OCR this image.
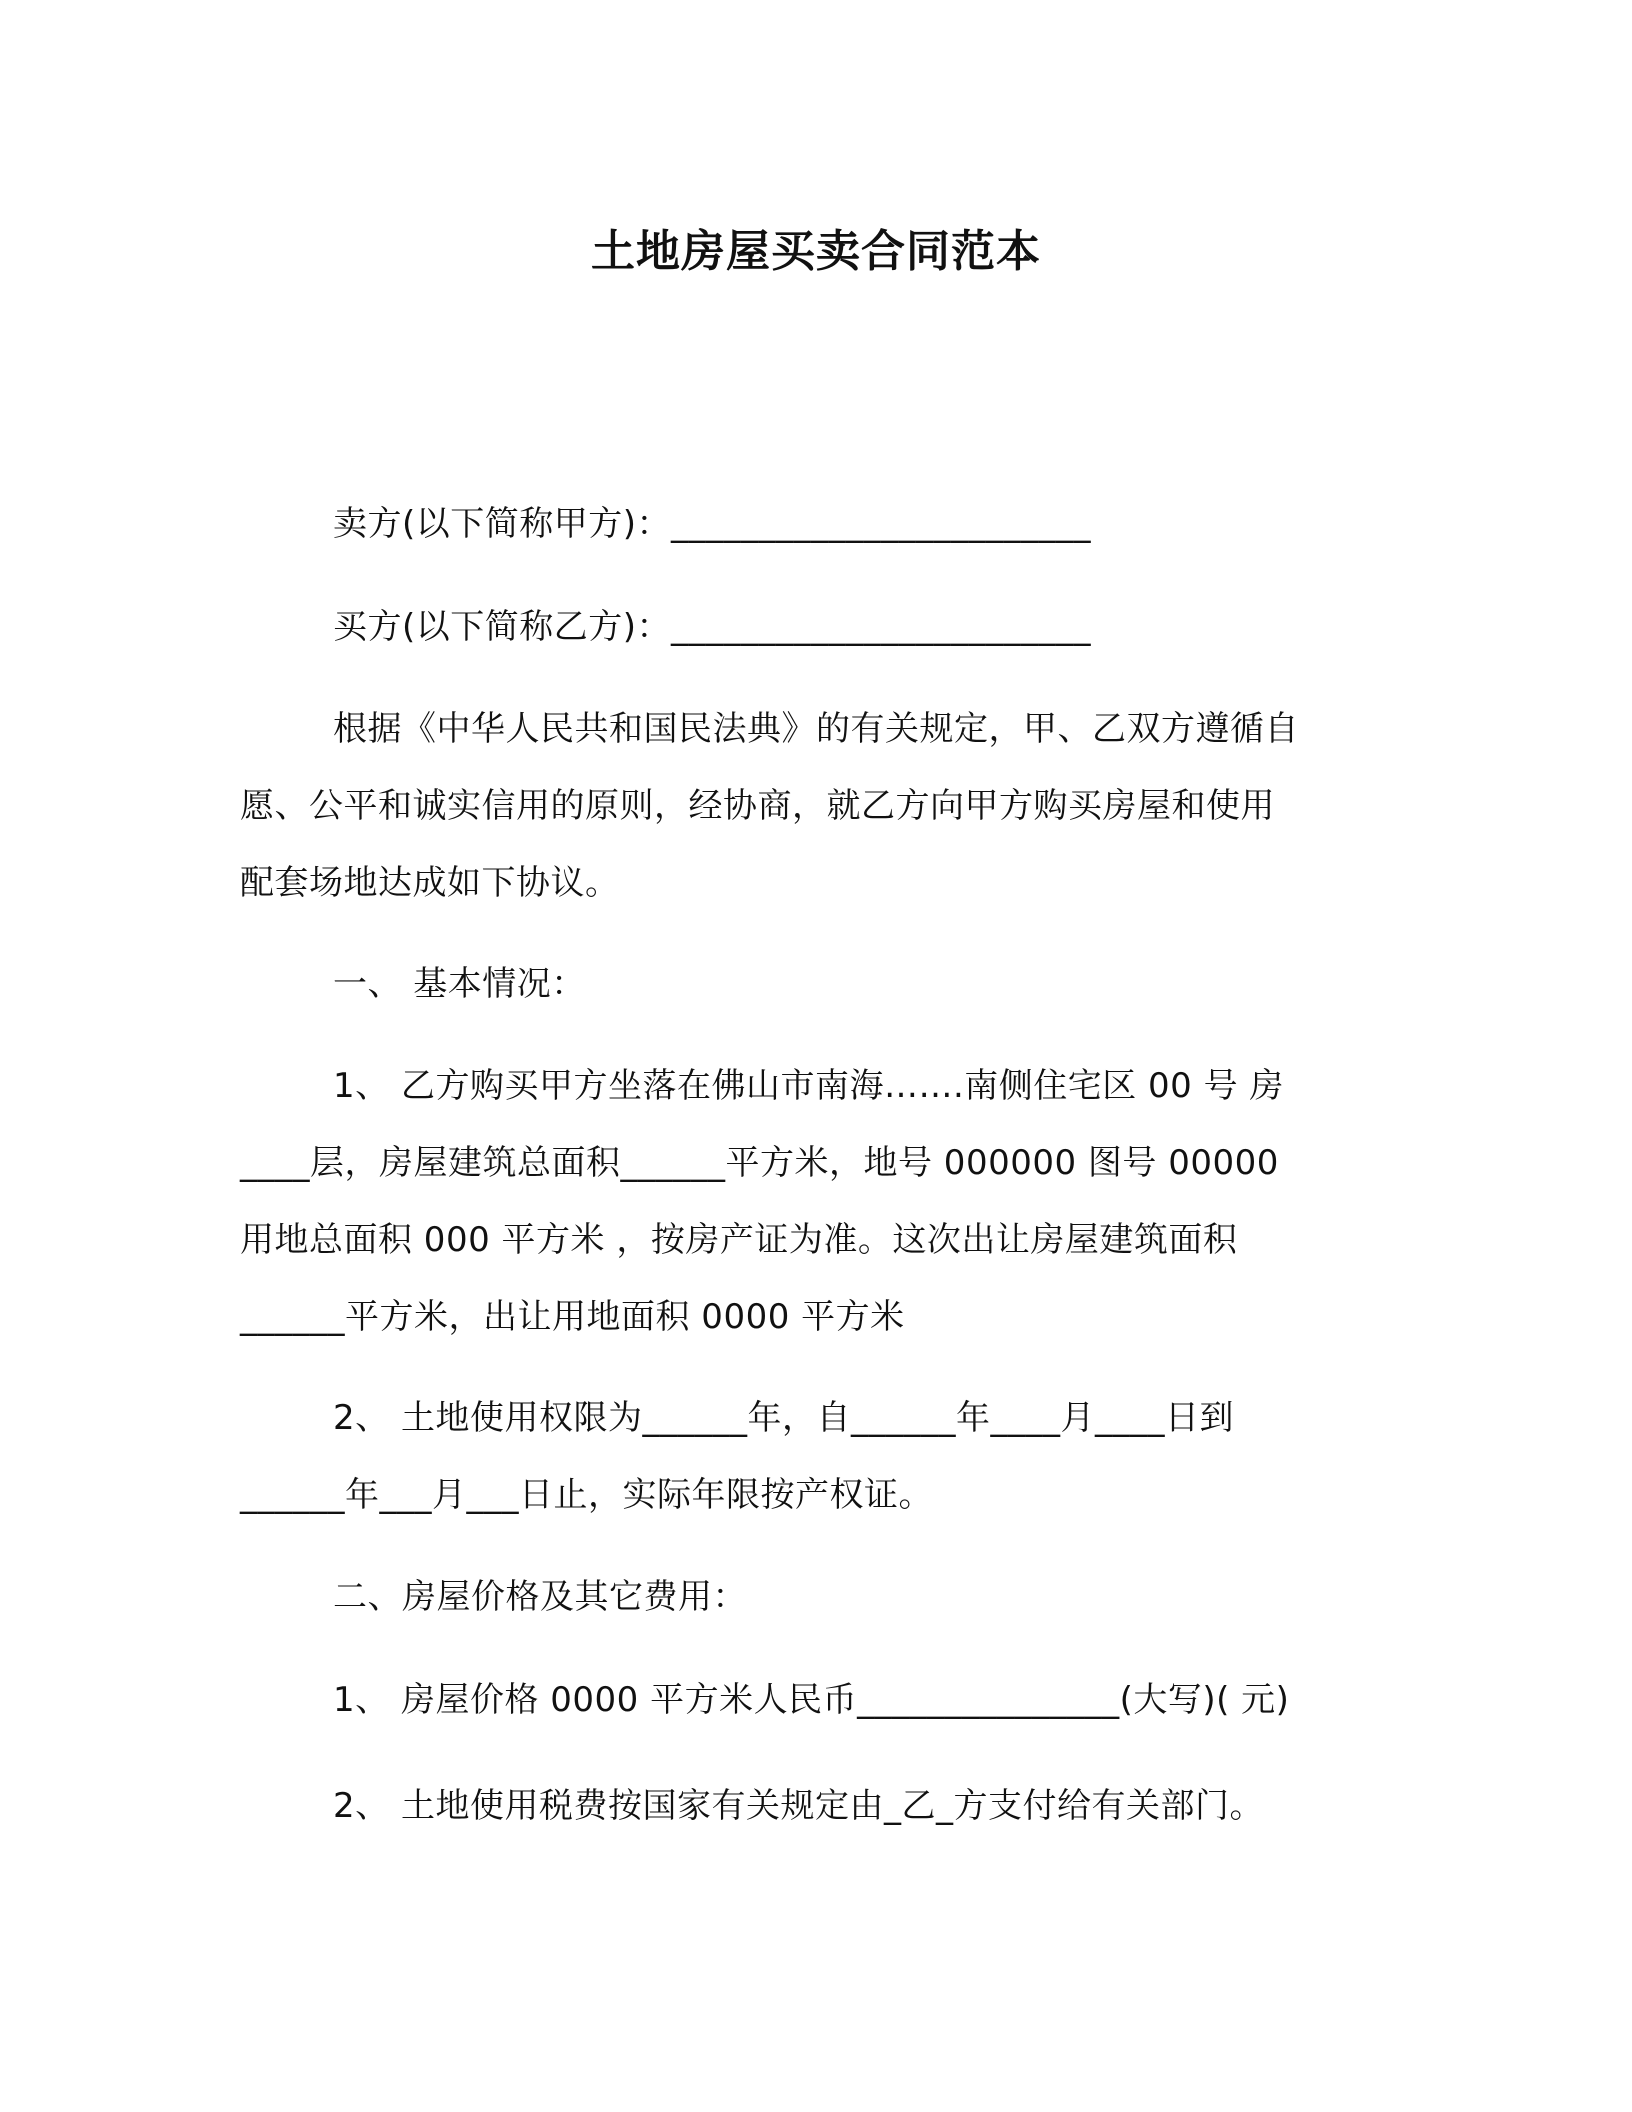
土地房屋买卖合同范本
卖方(以下简称甲方)：________________________
买方(以下简称乙方)：________________________
根据《中华人民共和国民法典》的有关规定，甲、乙双方遵循自
愿、公平和诚实信用的原则，经协商，就乙方向甲方购买房屋和使用
配套场地达成如下协议。
一、 基本情况：
1、 乙方购买甲方坐落在佛山市南海…….南侧住宅区 00 号 房
____层，房屋建筑总面积______平方米，地号 000000 图号 00000
用地总面积 000 平方米 ，按房产证为准。这次出让房屋建筑面积
______平方米，出让用地面积 0000 平方米
2、 土地使用权限为______年，自______年____月____日到
______年___月___日止，实际年限按产权证。
二、房屋价格及其它费用：
1、 房屋价格 0000 平方米人民币_______________(大写)( 元)
2、 土地使用税费按国家有关规定由_乙_方支付给有关部门。
